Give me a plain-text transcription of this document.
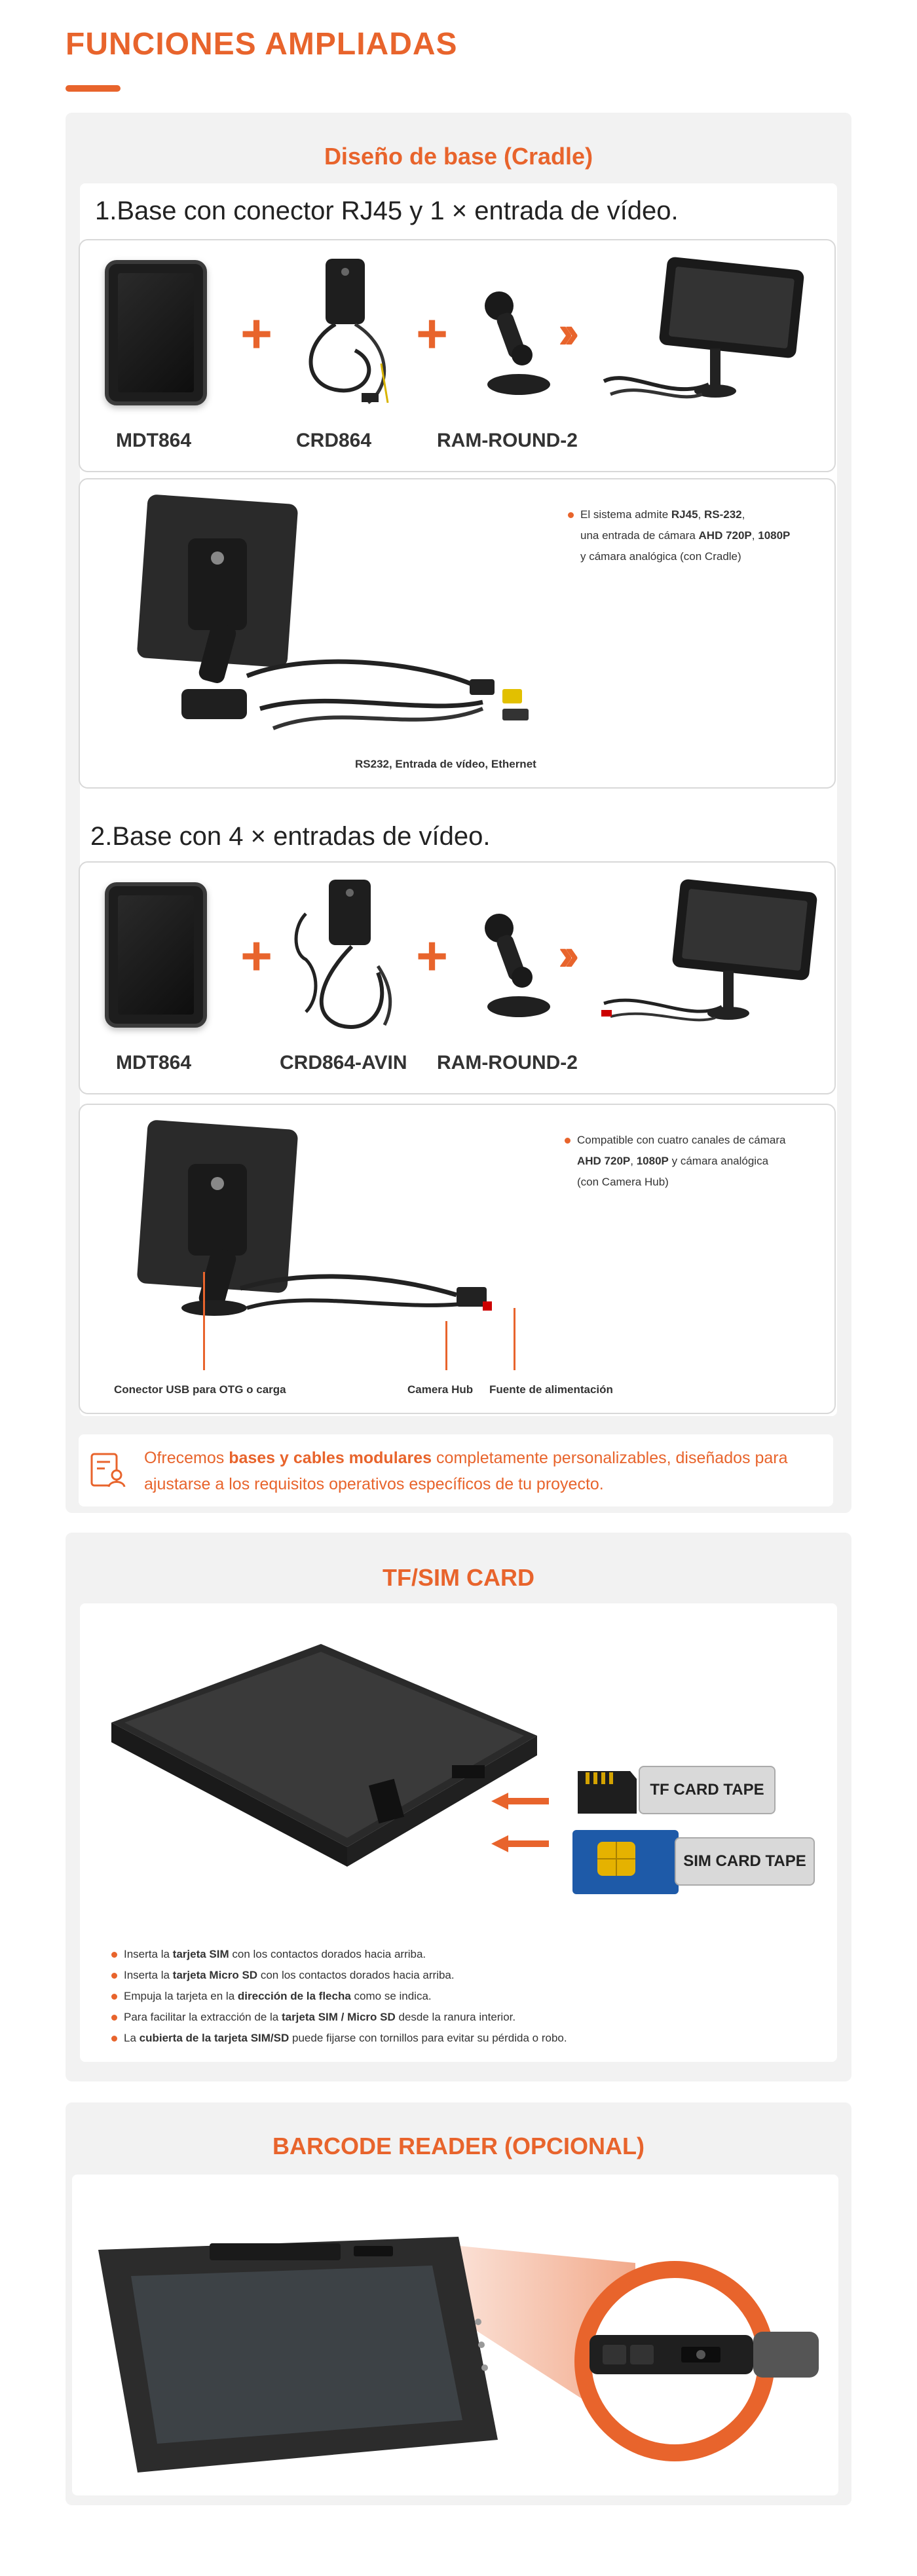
FUNCIONES AMPLIADAS
Diseño de base (Cradle)
1.Base con conector RJ45 y 1 × entrada de vídeo.
+	+ ››
MDT864	CRD864	RAM-ROUND-2
El sistema admite RJ45, RS-232,
una entrada de cámara AHD 720P, 1080P
y cámara analógica (con Cradle)
RS232, Entrada de vídeo, Ethernet
2.Base con 4 × entradas de vídeo.
+	+ ››
MDT864	CRD864-AVIN RAM-ROUND-2
Compatible con cuatro canales de cámara
AHD 720P, 1080P y cámara analógica
(con Camera Hub)
Conector USB para OTG o carga	Camera Hub Fuente de alimentación
Ofrecemos bases y cables modulares completamente personalizables, diseñados para
ajustarse a los requisitos operativos específicos de tu proyecto.
TF/SIM CARD
TF CARD TAPE
SIM CARD TAPE
Inserta la tarjeta SIM con los contactos dorados hacia arriba.
Inserta la tarjeta Micro SD con los contactos dorados hacia arriba.
Empuja la tarjeta en la dirección de la flecha como se indica.
Para facilitar la extracción de la tarjeta SIM / Micro SD desde la ranura interior.
La cubierta de la tarjeta SIM/SD puede fijarse con tornillos para evitar su pérdida o robo.
BARCODE READER (OPCIONAL)
